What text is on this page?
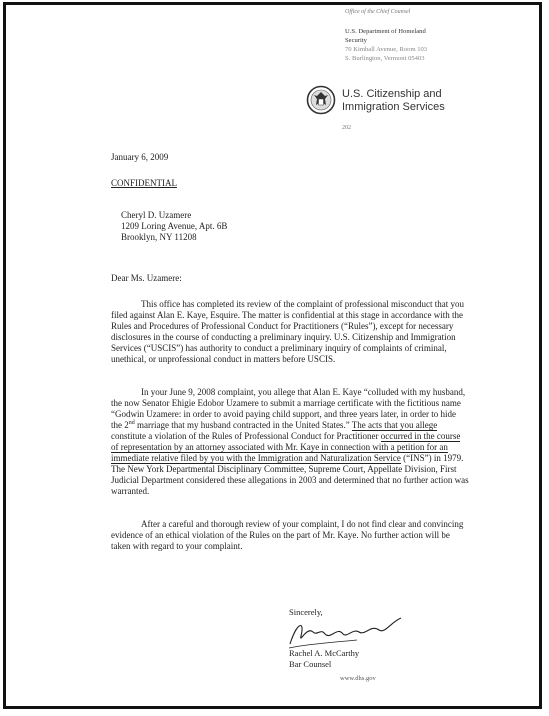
Office of the Chief Counsel
U.S. Department of Homeland
Security
70 Kimball Avenue, Room 103
S. Burlington, Vermont 05403
U.S. Citizenship and
Immigration Services
202
January 6, 2009
CONFIDENTIAL
Cheryl D. Uzamere
1209 Loring Avenue, Apt. 6B
Brooklyn, NY 11208
Dear Ms. Uzamere:
This office has completed its review of the complaint of professional misconduct that you filed against Alan E. Kaye, Esquire. The matter is confidential at this stage in accordance with the Rules and Procedures of Professional Conduct for Practitioners (“Rules”), except for necessary disclosures in the course of conducting a preliminary inquiry. U.S. Citizenship and Immigration Services (“USCIS”) has authority to conduct a preliminary inquiry of complaints of criminal, unethical, or unprofessional conduct in matters before USCIS.
In your June 9, 2008 complaint, you allege that Alan E. Kaye “colluded with my husband, the now Senator Ehigie Edobor Uzamere to submit a marriage certificate with the fictitious name “Godwin Uzamere: in order to avoid paying child support, and three years later, in order to hide the 2nd marriage that my husband contracted in the United States.” The acts that you allege constitute a violation of the Rules of Professional Conduct for Practitioner occurred in the course of representation by an attorney associated with Mr. Kaye in connection with a petition for an immediate relative filed by you with the Immigration and Naturalization Service (“INS”) in 1979. The New York Departmental Disciplinary Committee, Supreme Court, Appellate Division, First Judicial Department considered these allegations in 2003 and determined that no further action was warranted.
After a careful and thorough review of your complaint, I do not find clear and convincing evidence of an ethical violation of the Rules on the part of Mr. Kaye. No further action will be taken with regard to your complaint.
Sincerely,
Rachel A. McCarthy
Bar Counsel
www.dhs.gov
